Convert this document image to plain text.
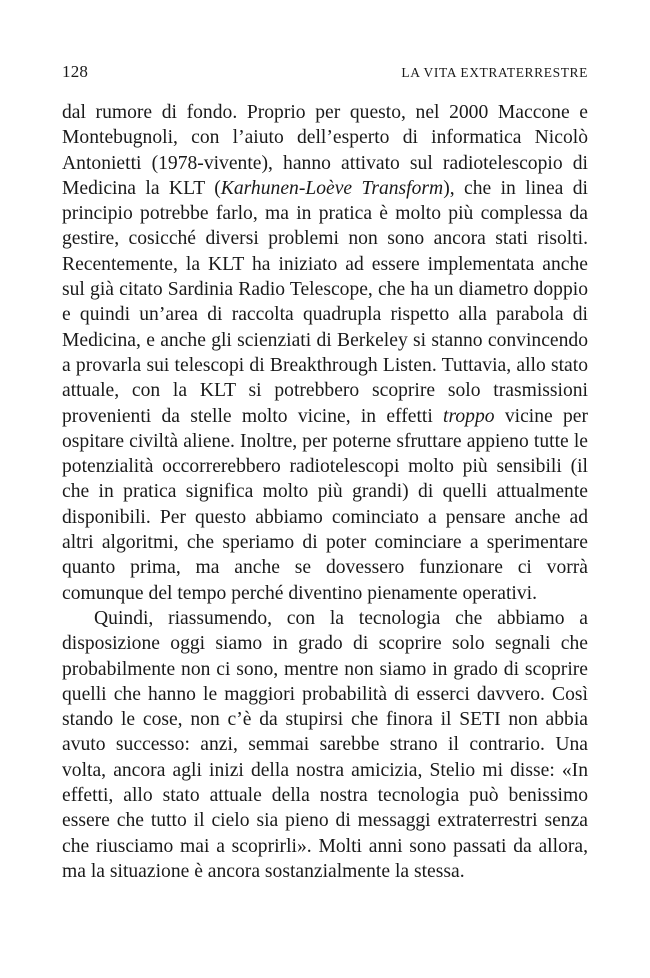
128	LA VITA EXTRATERRESTRE

dal rumore di fondo. Proprio per questo, nel 2000 Maccone e Montebugnoli, con l’aiuto dell’esperto di informatica Nicolò Antonietti (1978-vivente), hanno attivato sul radiotelescopio di Medicina la KLT (Karhunen-Loève Transform), che in linea di principio potrebbe farlo, ma in pratica è molto più complessa da gestire, cosicché diversi problemi non sono ancora stati risolti. Recentemente, la KLT ha iniziato ad essere implementata anche sul già citato Sardinia Radio Telescope, che ha un diametro doppio e quindi un’area di raccolta quadrupla rispetto alla parabola di Medicina, e anche gli scienziati di Berkeley si stanno convincendo a provarla sui telescopi di Breakthrough Listen. Tuttavia, allo stato attuale, con la KLT si potrebbero scoprire solo trasmissioni provenienti da stelle molto vicine, in effetti troppo vicine per ospitare civiltà aliene. Inoltre, per poterne sfruttare appieno tutte le potenzialità occorrerebbero radiotelescopi molto più sensibili (il che in pratica significa molto più grandi) di quelli attualmente disponibili. Per questo abbiamo cominciato a pensare anche ad altri algoritmi, che speriamo di poter cominciare a sperimentare quanto prima, ma anche se dovessero funzionare ci vorrà comunque del tempo perché diventino pienamente operativi.

Quindi, riassumendo, con la tecnologia che abbiamo a disposizione oggi siamo in grado di scoprire solo segnali che probabilmente non ci sono, mentre non siamo in grado di scoprire quelli che hanno le maggiori probabilità di esserci davvero. Così stando le cose, non c’è da stupirsi che finora il SETI non abbia avuto successo: anzi, semmai sarebbe strano il contrario. Una volta, ancora agli inizi della nostra amicizia, Stelio mi disse: «In effetti, allo stato attuale della nostra tecnologia può benissimo essere che tutto il cielo sia pieno di messaggi extraterrestri senza che riusciamo mai a scoprirli». Molti anni sono passati da allora, ma la situazione è ancora sostanzialmente la stessa.
